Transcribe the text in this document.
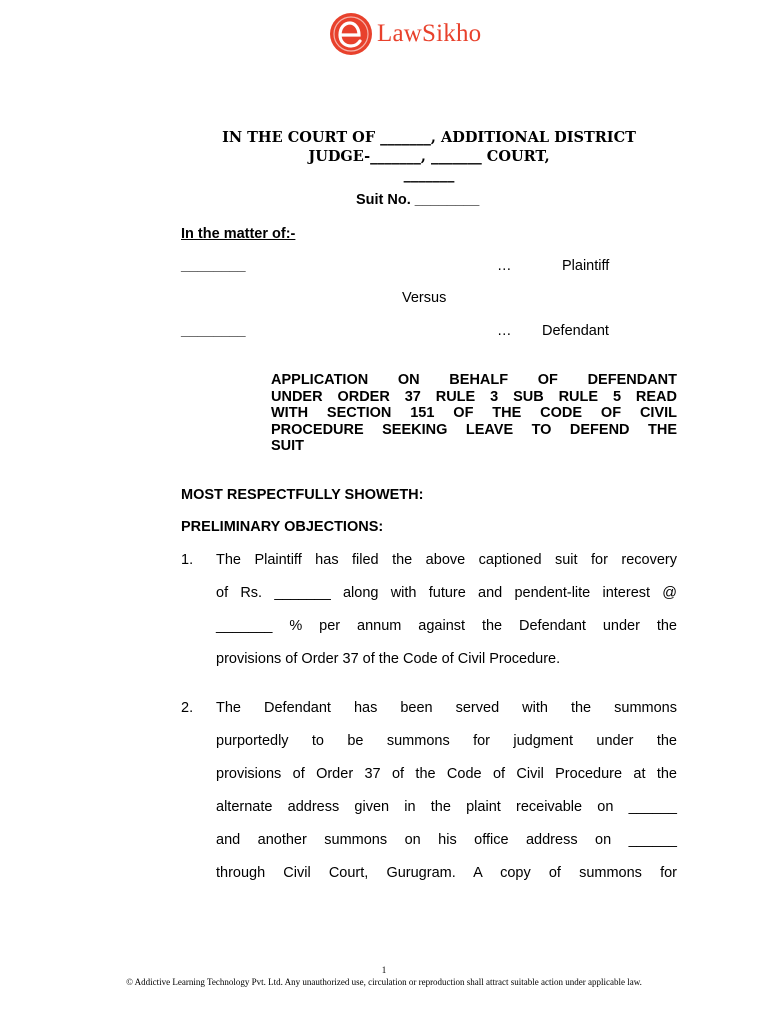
LawSikho
IN THE COURT OF _______, ADDITIONAL DISTRICT
JUDGE-_______, _______ COURT,
_______
Suit No. ________
In the matter of:-
________	…	Plaintiff
Versus
________	… Defendant
APPLICATION ON BEHALF OF DEFENDANT
UNDER ORDER 37 RULE 3 SUB RULE 5 READ
WITH SECTION 151 OF THE CODE OF CIVIL
PROCEDURE SEEKING LEAVE TO DEFEND THE
SUIT
MOST RESPECTFULLY SHOWETH:
PRELIMINARY OBJECTIONS:
1. The Plaintiff has filed the above captioned suit for recovery
of Rs. _______ along with future and pendent-lite interest @
_______ % per annum against the Defendant under the
provisions of Order 37 of the Code of Civil Procedure.
2. The Defendant has been served with the summons
purportedly to be summons for judgment under the
provisions of Order 37 of the Code of Civil Procedure at the
alternate address given in the plaint receivable on ______
and another summons on his office address on ______
through Civil Court, Gurugram. A copy of summons for
1
© Addictive Learning Technology Pvt. Ltd. Any unauthorized use, circulation or reproduction shall attract suitable action under applicable law.
